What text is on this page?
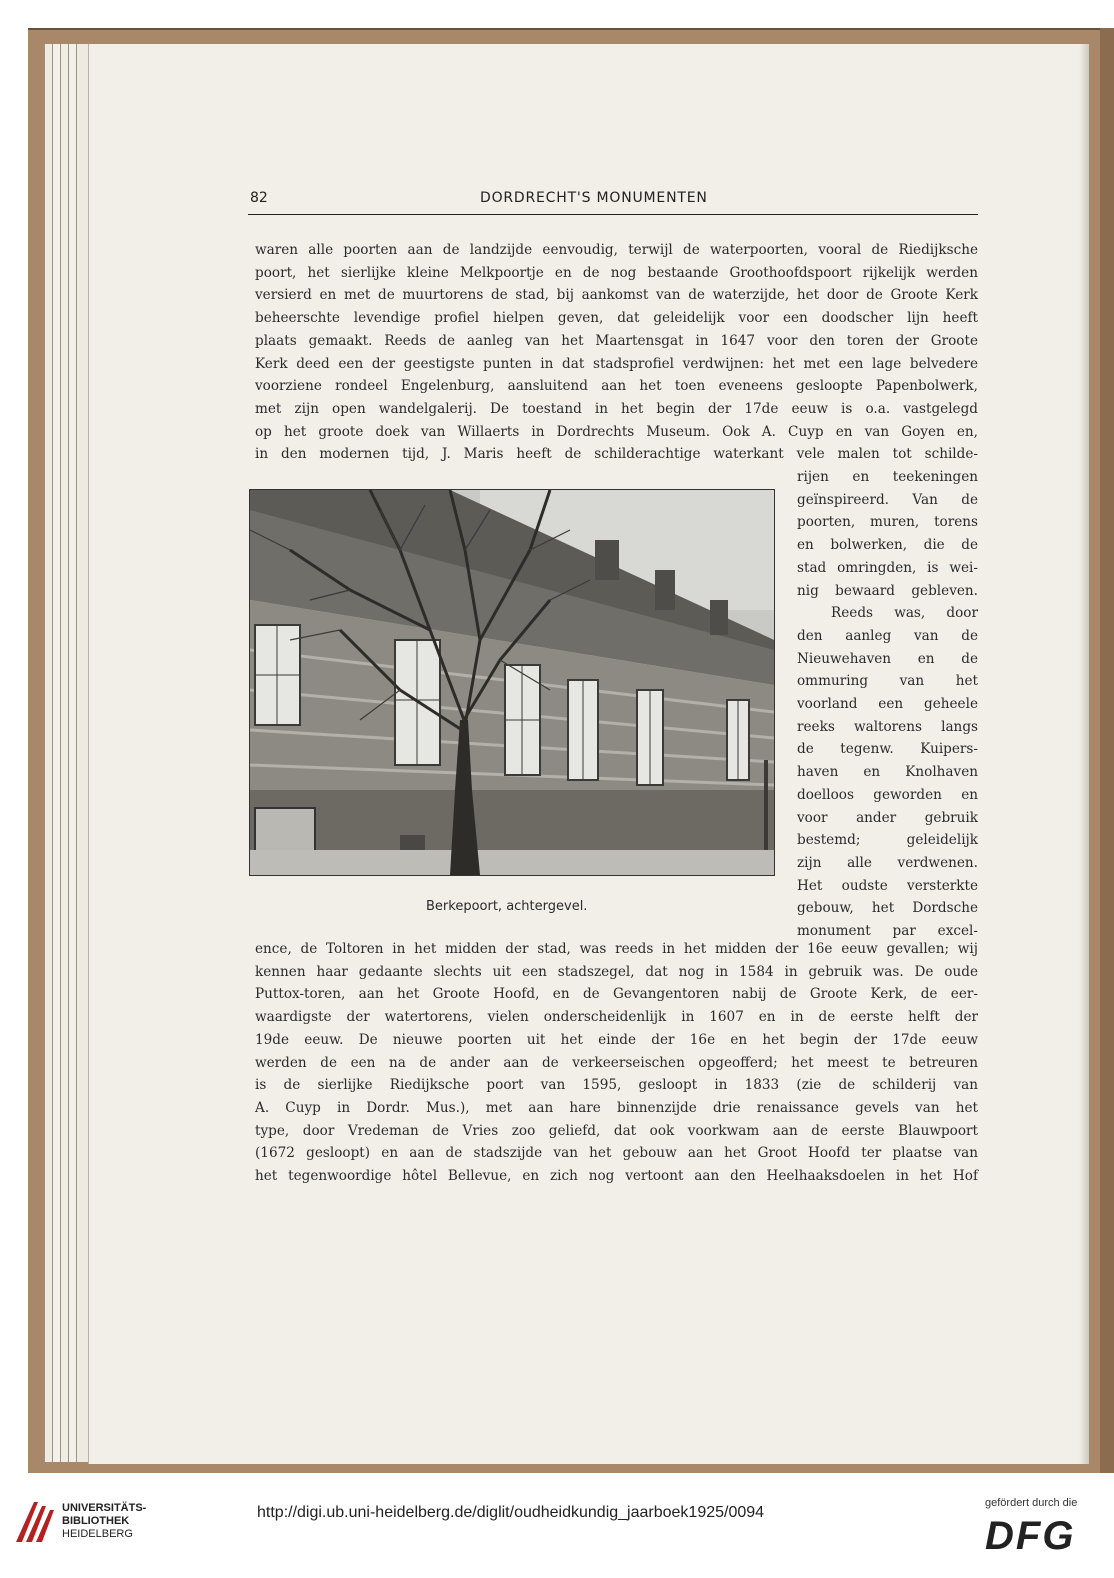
82	DORDRECHT'S MONUMENTEN
waren alle poorten aan de landzijde eenvoudig, terwijl de waterpoorten, vooral de Riedijksche
poort, het sierlijke kleine Melkpoortje en de nog bestaande Groothoofdspoort rijkelijk werden
versierd en met de muurtorens de stad, bij aankomst van de waterzijde, het door de Groote Kerk
beheerschte levendige profiel hielpen geven, dat geleidelijk voor een doodscher lijn heeft
plaats gemaakt. Reeds de aanleg van het Maartensgat in 1647 voor den toren der Groote
Kerk deed een der geestigste punten in dat stadsprofiel verdwijnen: het met een lage belvedere
voorziene rondeel Engelenburg, aansluitend aan het toen eveneens gesloopte Papenbolwerk,
met zijn open wandelgalerij. De toestand in het begin der 17de eeuw is o.a. vastgelegd
op het groote doek van Willaerts in Dordrechts Museum. Ook A. Cuyp en van Goyen en,
in den modernen tijd, J. Maris heeft de schilderachtige waterkant vele malen tot schilde-
rijen en teekeningen
geïnspireerd. Van de
poorten, muren, torens
en bolwerken, die de
stad omringden, is wei-
nig bewaard gebleven.
Reeds was, door
den aanleg van de
Nieuwehaven en de
ommuring van het
voorland een geheele
reeks waltorens langs
de tegenw. Kuipers-
haven en Knolhaven
doelloos geworden en
voor ander gebruik
bestemd; geleidelijk
zijn alle verdwenen.
Het oudste versterkte
gebouw, het Dordsche
monument par excel-
Berkepoort, achtergevel.
ence, de Toltoren in het midden der stad, was reeds in het midden der 16e eeuw gevallen; wij
kennen haar gedaante slechts uit een stadszegel, dat nog in 1584 in gebruik was. De oude
Puttox-toren, aan het Groote Hoofd, en de Gevangentoren nabij de Groote Kerk, de eer-
waardigste der watertorens, vielen onderscheidenlijk in 1607 en in de eerste helft der
19de eeuw. De nieuwe poorten uit het einde der 16e en het begin der 17de eeuw
werden de een na de ander aan de verkeerseischen opgeofferd; het meest te betreuren
is de sierlijke Riedijksche poort van 1595, gesloopt in 1833 (zie de schilderij van
A. Cuyp in Dordr. Mus.), met aan hare binnenzijde drie renaissance gevels van het
type, door Vredeman de Vries zoo geliefd, dat ook voorkwam aan de eerste Blauwpoort
(1672 gesloopt) en aan de stadszijde van het gebouw aan het Groot Hoofd ter plaatse van
het tegenwoordige hôtel Bellevue, en zich nog vertoont aan den Heelhaaksdoelen in het Hof
UNIVERSITÄTS-
BIBLIOTHEK
HEIDELBERG
http://digi.ub.uni-heidelberg.de/diglit/oudheidkundig_jaarboek1925/0094
gefördert durch die
DFG
